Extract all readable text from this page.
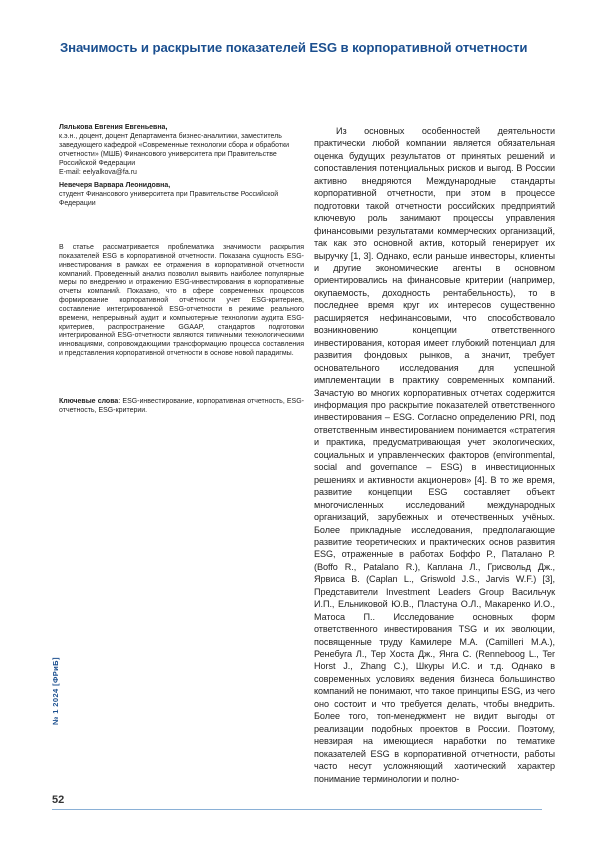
Значимость и раскрытие показателей ESG в корпоративной отчетности
Лялькова Евгения Евгеньевна,
к.э.н., доцент, доцент Департамента бизнес-аналитики, заместитель заведующего кафедрой «Современные технологии сбора и обработки отчетности» (МШБ) Финансового университета при Правительстве Российской Федерации
E-mail: eelyalkova@fa.ru
Невечеря Варвара Леонидовна,
студент Финансового университета при Правительстве Российской Федерации
В статье рассматривается проблематика значимости раскрытия показателей ESG в корпоративной отчетности. Показана сущность ESG-инвестирования в рамках ее отражения в корпоративной отчетности компаний. Проведенный анализ позволил выявить наиболее популярные меры по внедрению и отражению ESG-инвестирования в корпоративные отчеты компаний. Показано, что в сфере современных процессов формирование корпоративной отчётности учет ESG-критериев, составление интегрированной ESG-отчетности в режиме реального времени, непрерывный аудит и компьютерные технологии аудита ESG-критериев, распространение GGAAP, стандартов подготовки интегрированной ESG-отчетности являются типичными технологическими инновациями, сопровождающими трансформацию процесса составления и представления корпоративной отчетности в основе новой парадигмы.
Ключевые слова: ESG-инвестирование, корпоративная отчетность, ESG-отчетность, ESG-критерии.

Из основных особенностей деятельности практически любой компании является обязательная оценка будущих результатов от принятых решений и сопоставления потенциальных рисков и выгод. В России активно внедряются Международные стандарты корпоративной отчетности, при этом в процессе подготовки такой отчетности российских предприятий ключевую роль занимают процессы управления финансовыми результатами коммерческих организаций, так как это основной актив, который генерирует их выручку [1, 3]. Однако, если раньше инвесторы, клиенты и другие экономические агенты в основном ориентировались на финансовые критерии (например, окупаемость, доходность рентабельность), то в последнее время круг их интересов существенно расширяется нефинансовыми, что способствовало возникновению концепции ответственного инвестирования, которая имеет глубокий потенциал для развития фондовых рынков, а значит, требует основательного исследования для успешной имплементации в практику современных компаний. Зачастую во многих корпоративных отчетах содержится информация про раскрытие показателей ответственного инвестирования – ESG. Согласно определению PRI, под ответственным инвестированием понимается «стратегия и практика, предусматривающая учет экологических, социальных и управленческих факторов (environmental, social and governance – ESG) в инвестиционных решениях и активности акционеров» [4]. В то же время, развитие концепции ESG составляет объект многочисленных исследований международных организаций, зарубежных и отечественных учёных. Более прикладные исследования, предполагающие развитие теоретических и практических основ развития ESG, отраженные в работах Боффо Р., Паталано Р. (Boffo R., Patalano R.), Каплана Л., Грисвольд Дж., Ярвиса В. (Caplan L., Griswold J.S., Jarvis W.F.) [3], Представители Investment Leaders Group Васильчук И.П., Ельниковой Ю.В., Пластуна О.Л., Макаренко И.О., Матоса П.. Исследование основных форм ответственного инвестирования TSG и их эволюции, посвященные труду Камилере М.А. (Camilleri M.A.), Ренебуга Л., Тер Хоста Дж., Янга С. (Renneboog L., Ter Horst J., Zhang C.), Шкуры И.С. и т.д. Однако в современных условиях ведения бизнеса большинство компаний не понимают, что такое принципы ESG, из чего оно состоит и что требуется делать, чтобы внедрить. Более того, топ-менеджмент не видит выгоды от реализации подобных проектов в России. Поэтому, невзирая на имеющиеся наработки по тематике показателей ESG в корпоративной отчетности, работы часто несут усложняющий хаотический характер понимание терминологии и полно-

№ 1 2024 [ФРиБ]
52
